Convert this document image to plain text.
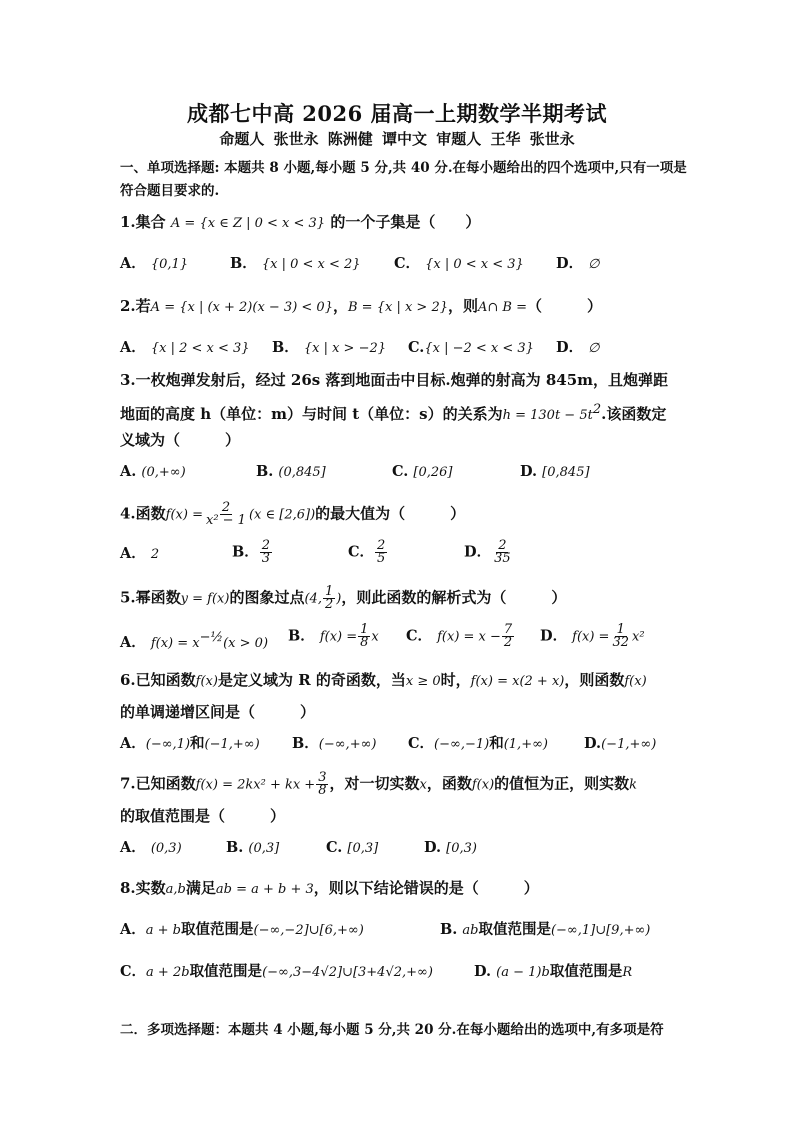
成都七中高 2026 届高一上期数学半期考试
命题人 张世永 陈洲健 谭中文 审题人 王华 张世永
一、单项选择题: 本题共 8 小题,每小题 5 分,共 40 分.在每小题给出的四个选项中,只有一项是
符合题目要求的.
1.集合 A = {x ∈ Z | 0 < x < 3} 的一个子集是（　　）
A． {0,1}	B． {x | 0 < x < 2} C． {x | 0 < x < 3} D． ∅
2.若A = {x | (x + 2)(x − 3) < 0}，B = {x | x > 2}，则A∩ B =（　　　）
A． {x | 2 < x < 3} B． {x | x > −2} C.{x | −2 < x < 3} D． ∅
3.一枚炮弹发射后，经过 26s 落到地面击中目标.炮弹的射高为 845m，且炮弹距
地面的高度 h（单位：m）与时间 t（单位：s）的关系为$h = 130t - 5t^2$.该函数定
义域为（　　　）
A. (0,+∞)	B. (0,845]	C. [0,26]	D. [0,845]
4.函数$f(x) = \frac{2}{\text{x² − 1}} (x$ ∈ [2,6])的最大值为（　　　）
A． 2	B． $\frac{2}{3}$	C． $\frac{2}{5}$	D． $\frac{2}{35}$
5.幂函数y = f(x)的图象过点(4, $\frac{1}{2}$ )，则此函数的解析式为（　　　）
A． $f(x) = x^{-\frac{1}{2}}(x > 0)$ B． $f(x) = \frac{1}{8}$ x C． $f(x) = x - \frac{7}{2}$ D． $f(x) = \frac{1}{32} x^2$
6.已知函数f(x)是定义域为 R 的奇函数，当x ≥ 0时，f(x) = x(2 + x)，则函数f(x)
的单调递增区间是（　　　）
A．(−∞,1)和(−1,+∞) B．(−∞,+∞) C．(−∞,−1)和(1,+∞) D.(−1,+∞)
7.已知函数f(x) = 2kx² + kx + $\frac{3}{8}$ ，对一切实数x，函数f(x)的值恒为正，则实数k
的取值范围是（　　　）
A． (0,3)	B. (0,3]	C. [0,3]	D. [0,3)
8.实数a,b满足ab = a + b + 3，则以下结论错误的是（　　　）
A．a + b取值范围是(−∞,−2]∪[6,+∞)	B. ab取值范围是(−∞,1]∪[9,+∞)
C．a + 2b取值范围是(−∞,3−4√2]∪[3+4√2,+∞)	D. (a − 1)b取值范围是R
二．多项选择题：本题共 4 小题,每小题 5 分,共 20 分.在每小题给出的选项中,有多项是符
